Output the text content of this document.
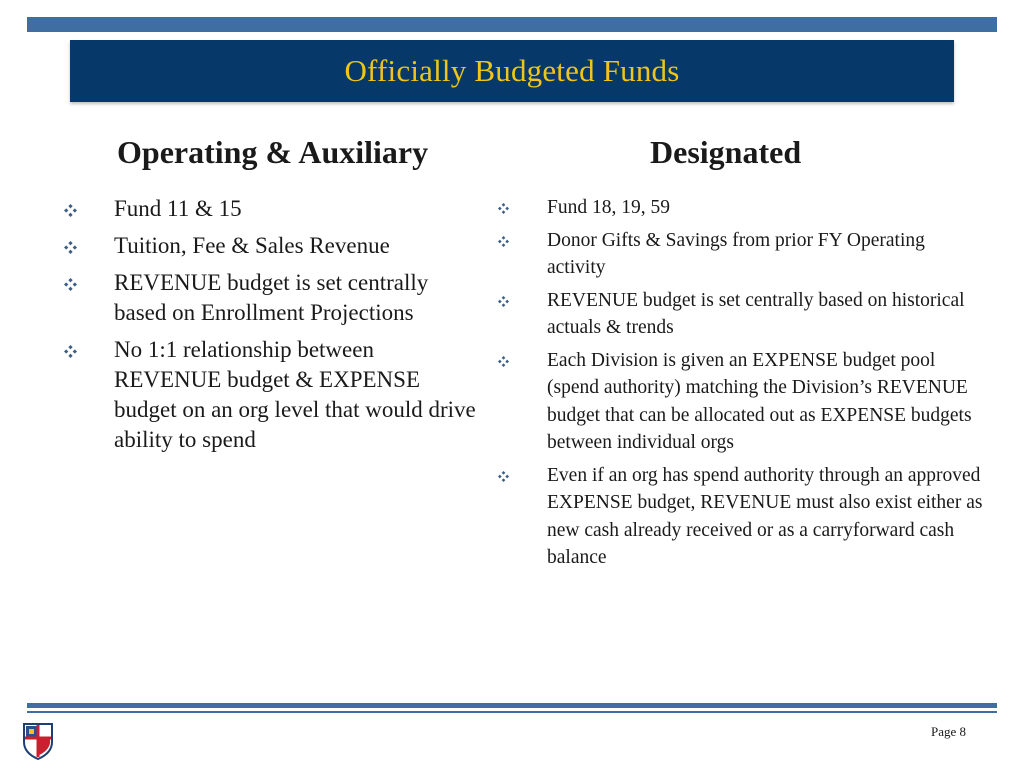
Officially Budgeted Funds
Operating & Auxiliary	Designated
Fund 11 & 15
Tuition, Fee & Sales Revenue
REVENUE budget is set centrally based on Enrollment Projections
No 1:1 relationship between REVENUE budget & EXPENSE budget on an org level that would drive ability to spend
Fund 18, 19, 59
Donor Gifts & Savings from prior FY Operating activity
REVENUE budget is set centrally based on historical actuals & trends
Each Division is given an EXPENSE budget pool (spend authority) matching the Division’s REVENUE budget that can be allocated out as EXPENSE budgets between individual orgs
Even if an org has spend authority through an approved EXPENSE budget, REVENUE must also exist either as new cash already received or as a carryforward cash balance
Page 8
